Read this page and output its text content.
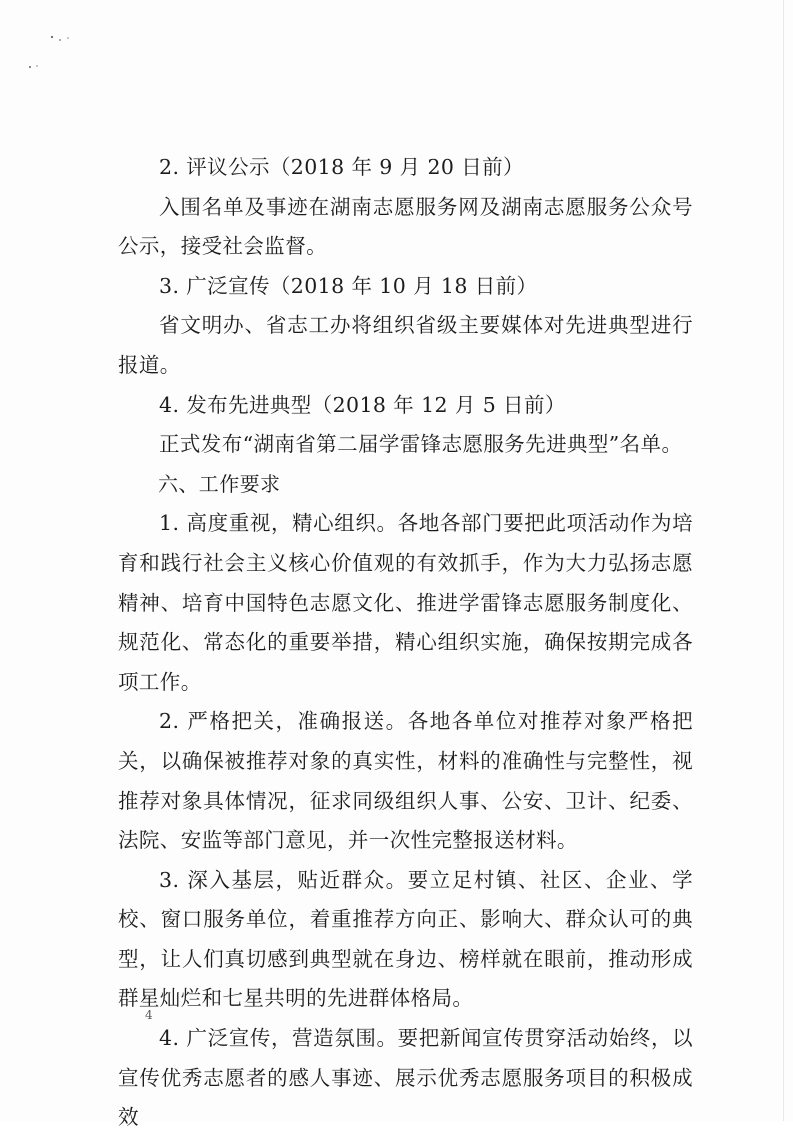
2. 评议公示（2018 年 9 月 20 日前）

入围名单及事迹在湖南志愿服务网及湖南志愿服务公众号公示，接受社会监督。

3. 广泛宣传（2018 年 10 月 18 日前）

省文明办、省志工办将组织省级主要媒体对先进典型进行报道。

4. 发布先进典型（2018 年 12 月 5 日前）

正式发布“湖南省第二届学雷锋志愿服务先进典型”名单。

六、工作要求

1. 高度重视，精心组织。各地各部门要把此项活动作为培育和践行社会主义核心价值观的有效抓手，作为大力弘扬志愿精神、培育中国特色志愿文化、推进学雷锋志愿服务制度化、规范化、常态化的重要举措，精心组织实施，确保按期完成各项工作。

2. 严格把关，准确报送。各地各单位对推荐对象严格把关，以确保被推荐对象的真实性，材料的准确性与完整性，视推荐对象具体情况，征求同级组织人事、公安、卫计、纪委、法院、安监等部门意见，并一次性完整报送材料。

3. 深入基层，贴近群众。要立足村镇、社区、企业、学校、窗口服务单位，着重推荐方向正、影响大、群众认可的典型，让人们真切感到典型就在身边、榜样就在眼前，推动形成群星灿烂和七星共明的先进群体格局。

4. 广泛宣传，营造氛围。要把新闻宣传贯穿活动始终，以宣传优秀志愿者的感人事迹、展示优秀志愿服务项目的积极成效

4
